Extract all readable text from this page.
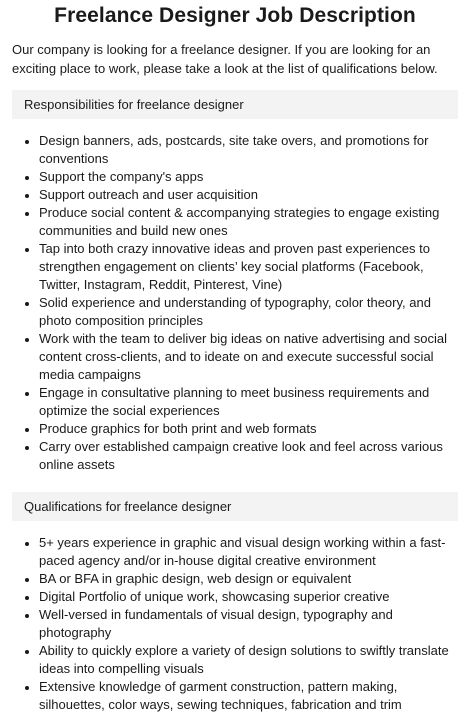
Freelance Designer Job Description

Our company is looking for a freelance designer. If you are looking for an exciting place to work, please take a look at the list of qualifications below.

Responsibilities for freelance designer
• Design banners, ads, postcards, site take overs, and promotions for conventions
• Support the company's apps
• Support outreach and user acquisition
• Produce social content & accompanying strategies to engage existing communities and build new ones
• Tap into both crazy innovative ideas and proven past experiences to strengthen engagement on clients’ key social platforms (Facebook, Twitter, Instagram, Reddit, Pinterest, Vine)
• Solid experience and understanding of typography, color theory, and photo composition principles
• Work with the team to deliver big ideas on native advertising and social content cross-clients, and to ideate on and execute successful social media campaigns
• Engage in consultative planning to meet business requirements and optimize the social experiences
• Produce graphics for both print and web formats
• Carry over established campaign creative look and feel across various online assets
Qualifications for freelance designer
• 5+ years experience in graphic and visual design working within a fast-paced agency and/or in-house digital creative environment
• BA or BFA in graphic design, web design or equivalent
• Digital Portfolio of unique work, showcasing superior creative
• Well-versed in fundamentals of visual design, typography and photography
• Ability to quickly explore a variety of design solutions to swiftly translate ideas into compelling visuals
• Extensive knowledge of garment construction, pattern making, silhouettes, color ways, sewing techniques, fabrication and trim
